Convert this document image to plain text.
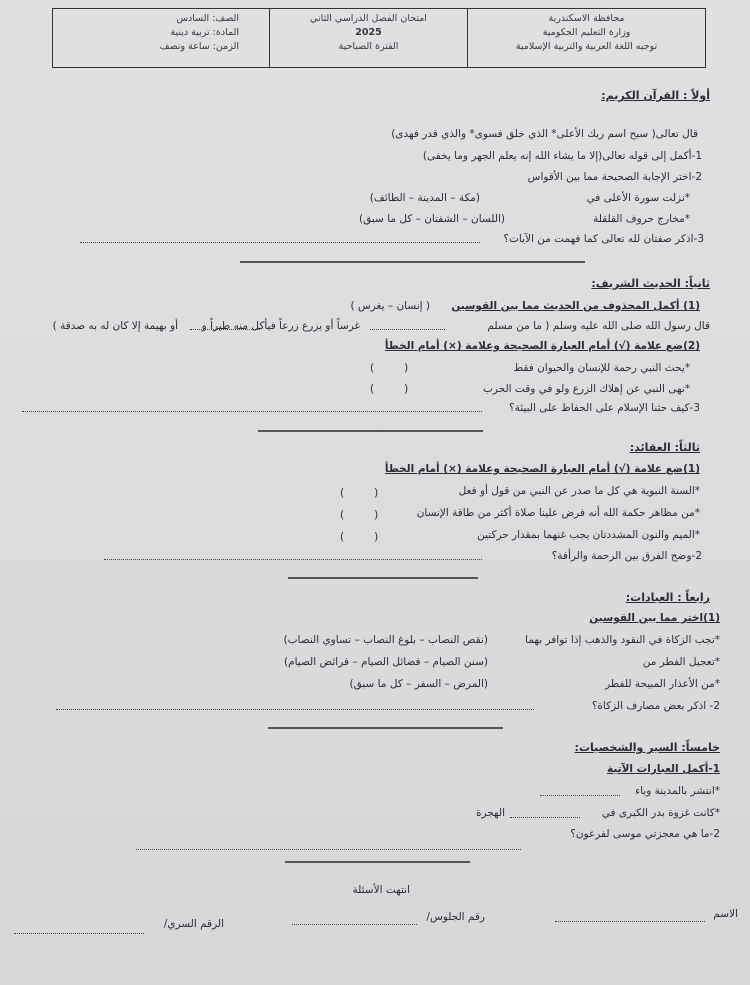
محافظة الاسكندرية
وزارة التعليم الحكومية
توجيه اللغة العربية والتربية الإسلامية
امتحان الفصل الدراسي الثاني
2025
الفترة الصباحية
الصف: السادس
المادة: تربية دينية
الزمن: ساعة ونصف
أولاً : القرآن الكريم:
قال تعالى( سبح اسم ربك الأعلى* الذي خلق فسوى* والذي قدر فهدى)
1-أكمل إلى قوله تعالى(إلا ما يشاء الله إنه يعلم الجهر وما يخفى)
2-اختر الإجابة الصحيحة مما بين الأقواس
*نزلت سورة الأعلى في
(مكة – المدينة – الطائف)
*مخارج حروف القلقلة
(اللسان – الشفتان – كل ما سبق)
3-اذكر صفتان لله تعالى كما فهمت من الآيات؟
ثانياً: الحديث الشريف:
(1) أكمل المحذوف من الحديث مما بين القوسين
( إنسان – يغرس )
قال رسول الله صلى الله عليه وسلم ( ما من مسلم
غرساً أو يزرع زرعاً فيأكل منه طيراً و
أو بهيمة إلا كان له به صدقة )
(2)ضع علامة (√) أمام العبارة الصحيحة وعلامة (×) أمام الخطأ
*يحث النبي رحمة للإنسان والحيوان فقط
(	)
*نهى النبي عن إهلاك الزرع ولو في وقت الحرب
(	)
3-كيف حثنا الإسلام على الحفاظ على البيئة؟
ثالثاً: العقائد:
(1)ضع علامة (√) أمام العبارة الصحيحة وعلامة (×) أمام الخطأ
*السنة النبوية هي كل ما صدر عن النبي من قول أو فعل
(	)
*من مظاهر حكمة الله أنه فرض علينا صلاة أكثر من طاقة الإنسان
(	)
*الميم والنون المشددتان يجب غنهما بمقدار حركتين
(	)
2-وضح الفرق بين الرحمة والرأفة؟
رابعاً : العبادات:
(1)اختر مما بين القوسين
*تجب الزكاة في النقود والذهب إذا توافر بهما
(نقص النصاب – بلوغ النصاب – تساوي النصاب)
*تعجيل الفطر من
(سنن الصيام – فضائل الصيام – فرائض الصيام)
*من الأعذار المبيحة للفطر
(المرض – السفر – كل ما سبق)
2- اذكر بعض مصارف الزكاة؟
خامساً: السير والشخصيات:
1-أكمل العبارات الآتية
*انتشر بالمدينة وباء
*كانت غزوة بدر الكبرى في
الهجرة
2-ما هي معجزتي موسى لفرعون؟
انتهت الأسئلة
الاسم
رقم الجلوس/
الرقم السري/
